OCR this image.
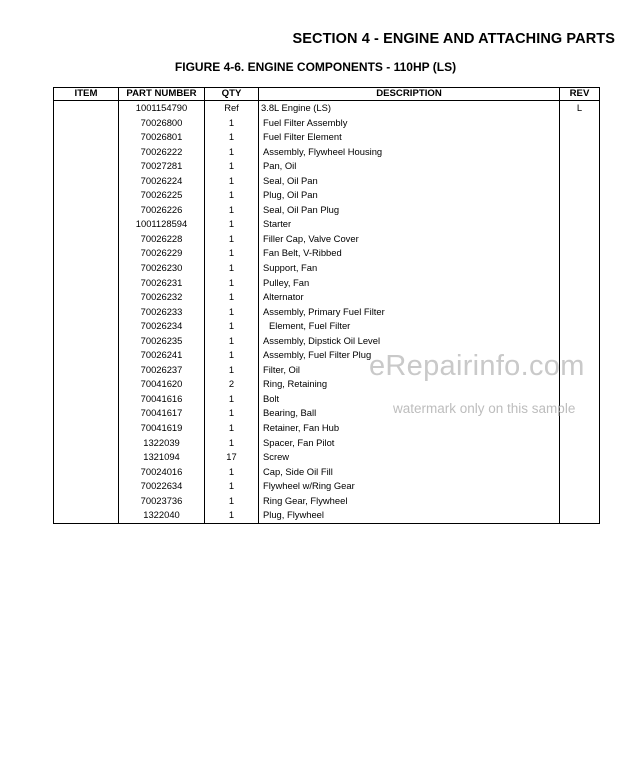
SECTION 4 - ENGINE AND ATTACHING PARTS
FIGURE 4-6. ENGINE COMPONENTS - 110HP (LS)
ITEM	PART NUMBER	QTY	DESCRIPTION	REV
	1001154790	Ref	3.8L Engine (LS)	L
	70026800	1	Fuel Filter Assembly	
	70026801	1	Fuel Filter Element	
	70026222	1	Assembly, Flywheel Housing	
	70027281	1	Pan, Oil	
	70026224	1	Seal, Oil Pan	
	70026225	1	Plug, Oil Pan	
	70026226	1	Seal, Oil Pan Plug	
	1001128594	1	Starter	
	70026228	1	Filler Cap, Valve Cover	
	70026229	1	Fan Belt, V-Ribbed	
	70026230	1	Support, Fan	
	70026231	1	Pulley, Fan	
	70026232	1	Alternator	
	70026233	1	Assembly, Primary Fuel Filter	
	70026234	1	Element, Fuel Filter	
	70026235	1	Assembly, Dipstick Oil Level	
	70026241	1	Assembly, Fuel Filter Plug	
	70026237	1	Filter, Oil	
	70041620	2	Ring, Retaining	
	70041616	1	Bolt	
	70041617	1	Bearing, Ball	
	70041619	1	Retainer, Fan Hub	
	1322039	1	Spacer, Fan Pilot	
	1321094	17	Screw	
	70024016	1	Cap, Side Oil Fill	
	70022634	1	Flywheel w/Ring Gear	
	70023736	1	Ring Gear, Flywheel	
	1322040	1	Plug, Flywheel	
eRepairinfo.com
watermark only on this sample
